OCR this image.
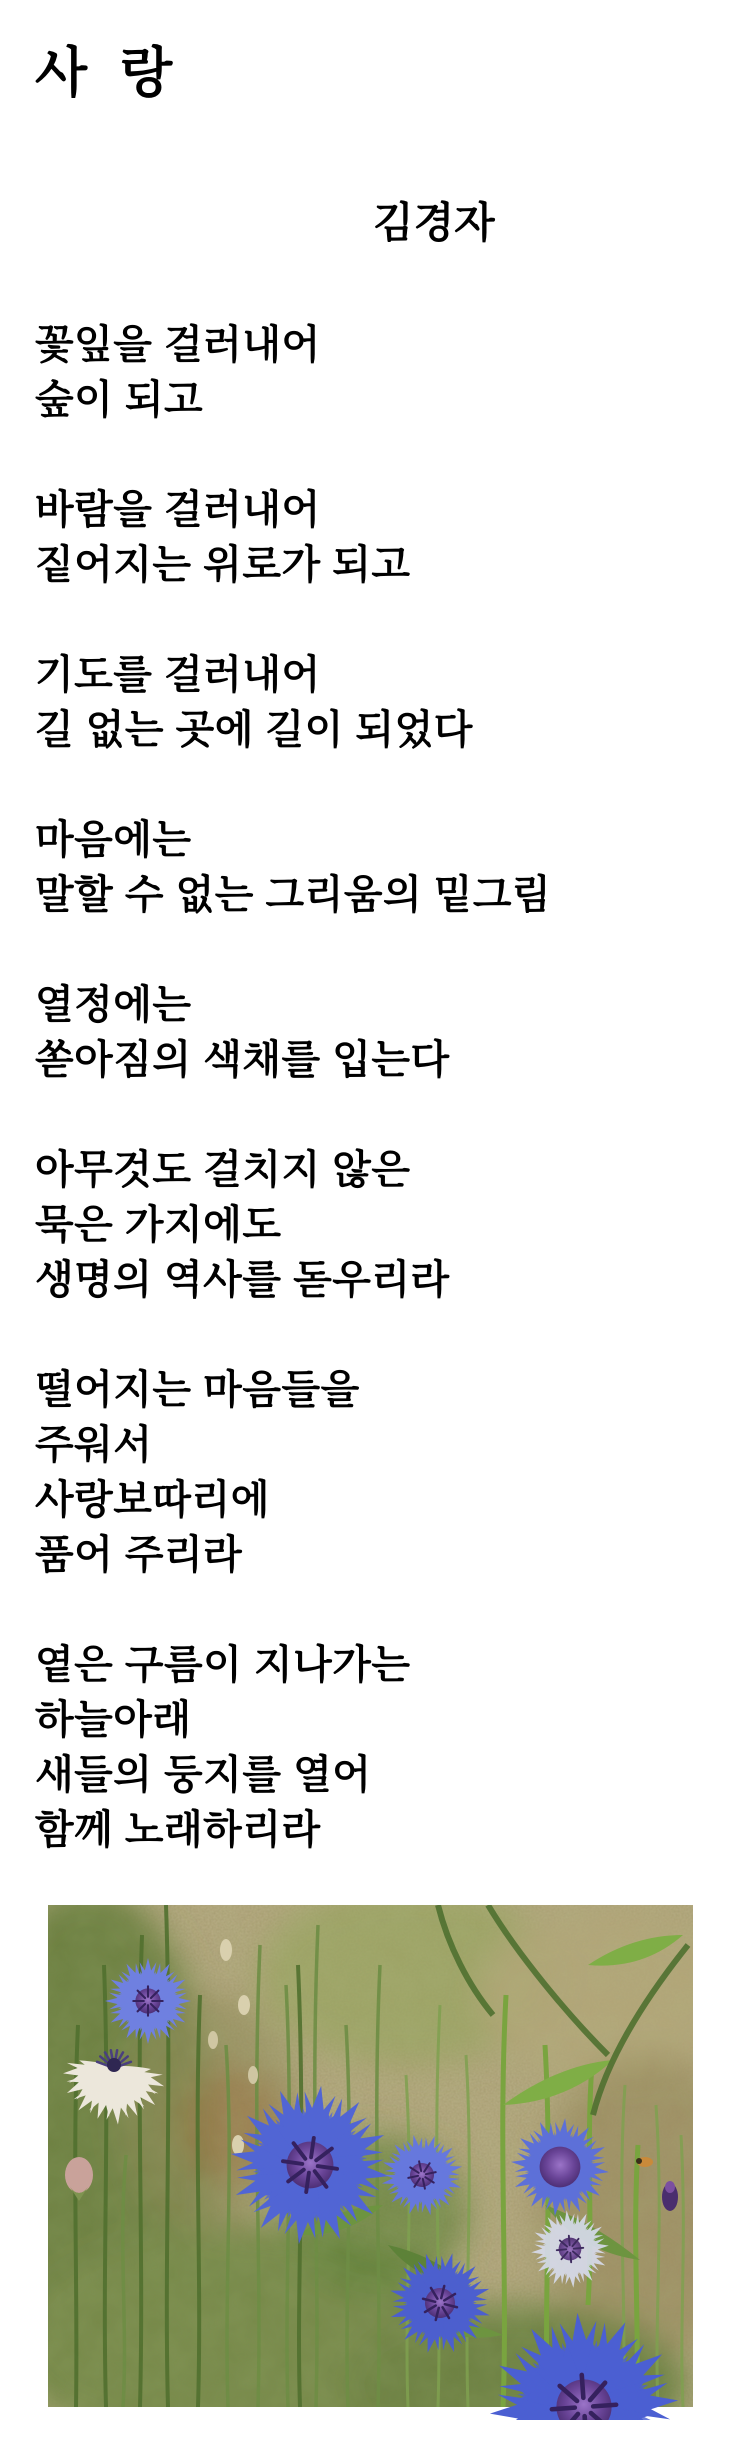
사  랑
김경자
꽃잎을 걸러내어
숲이 되고
바람을 걸러내어
짙어지는 위로가 되고
기도를 걸러내어
길 없는 곳에 길이 되었다
마음에는
말할 수 없는 그리움의 밑그림
열정에는
쏟아짐의 색채를 입는다
아무것도 걸치지 않은
묵은 가지에도
생명의 역사를 돋우리라
떨어지는 마음들을
주워서
사랑보따리에
품어 주리라
옅은 구름이 지나가는
하늘아래
새들의 둥지를 열어
함께 노래하리라
